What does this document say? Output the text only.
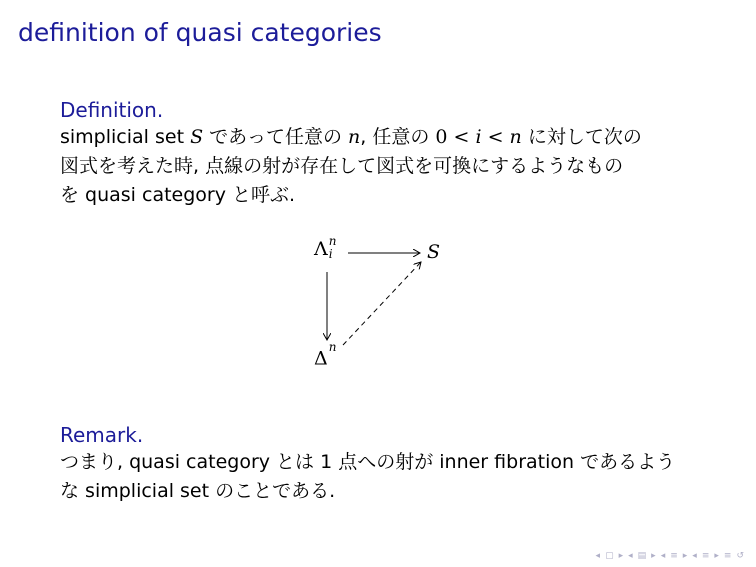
definition of quasi categories
Definition.
simplicial set S であって任意の n, 任意の 0 < i < n に対して次の
図式を考えた時, 点線の射が存在して図式を可換にするようなもの
を quasi category と呼ぶ.
Λ n
i	S
$\Delta^n$
Remark.
つまり, quasi category とは 1 点への射が inner fibration であるよう
な simplicial set のことである.
◂ ▢ ▸ ◂ ▤ ▸ ◂ ≡ ▸ ◂ ≡ ▸ ≡ ↺
